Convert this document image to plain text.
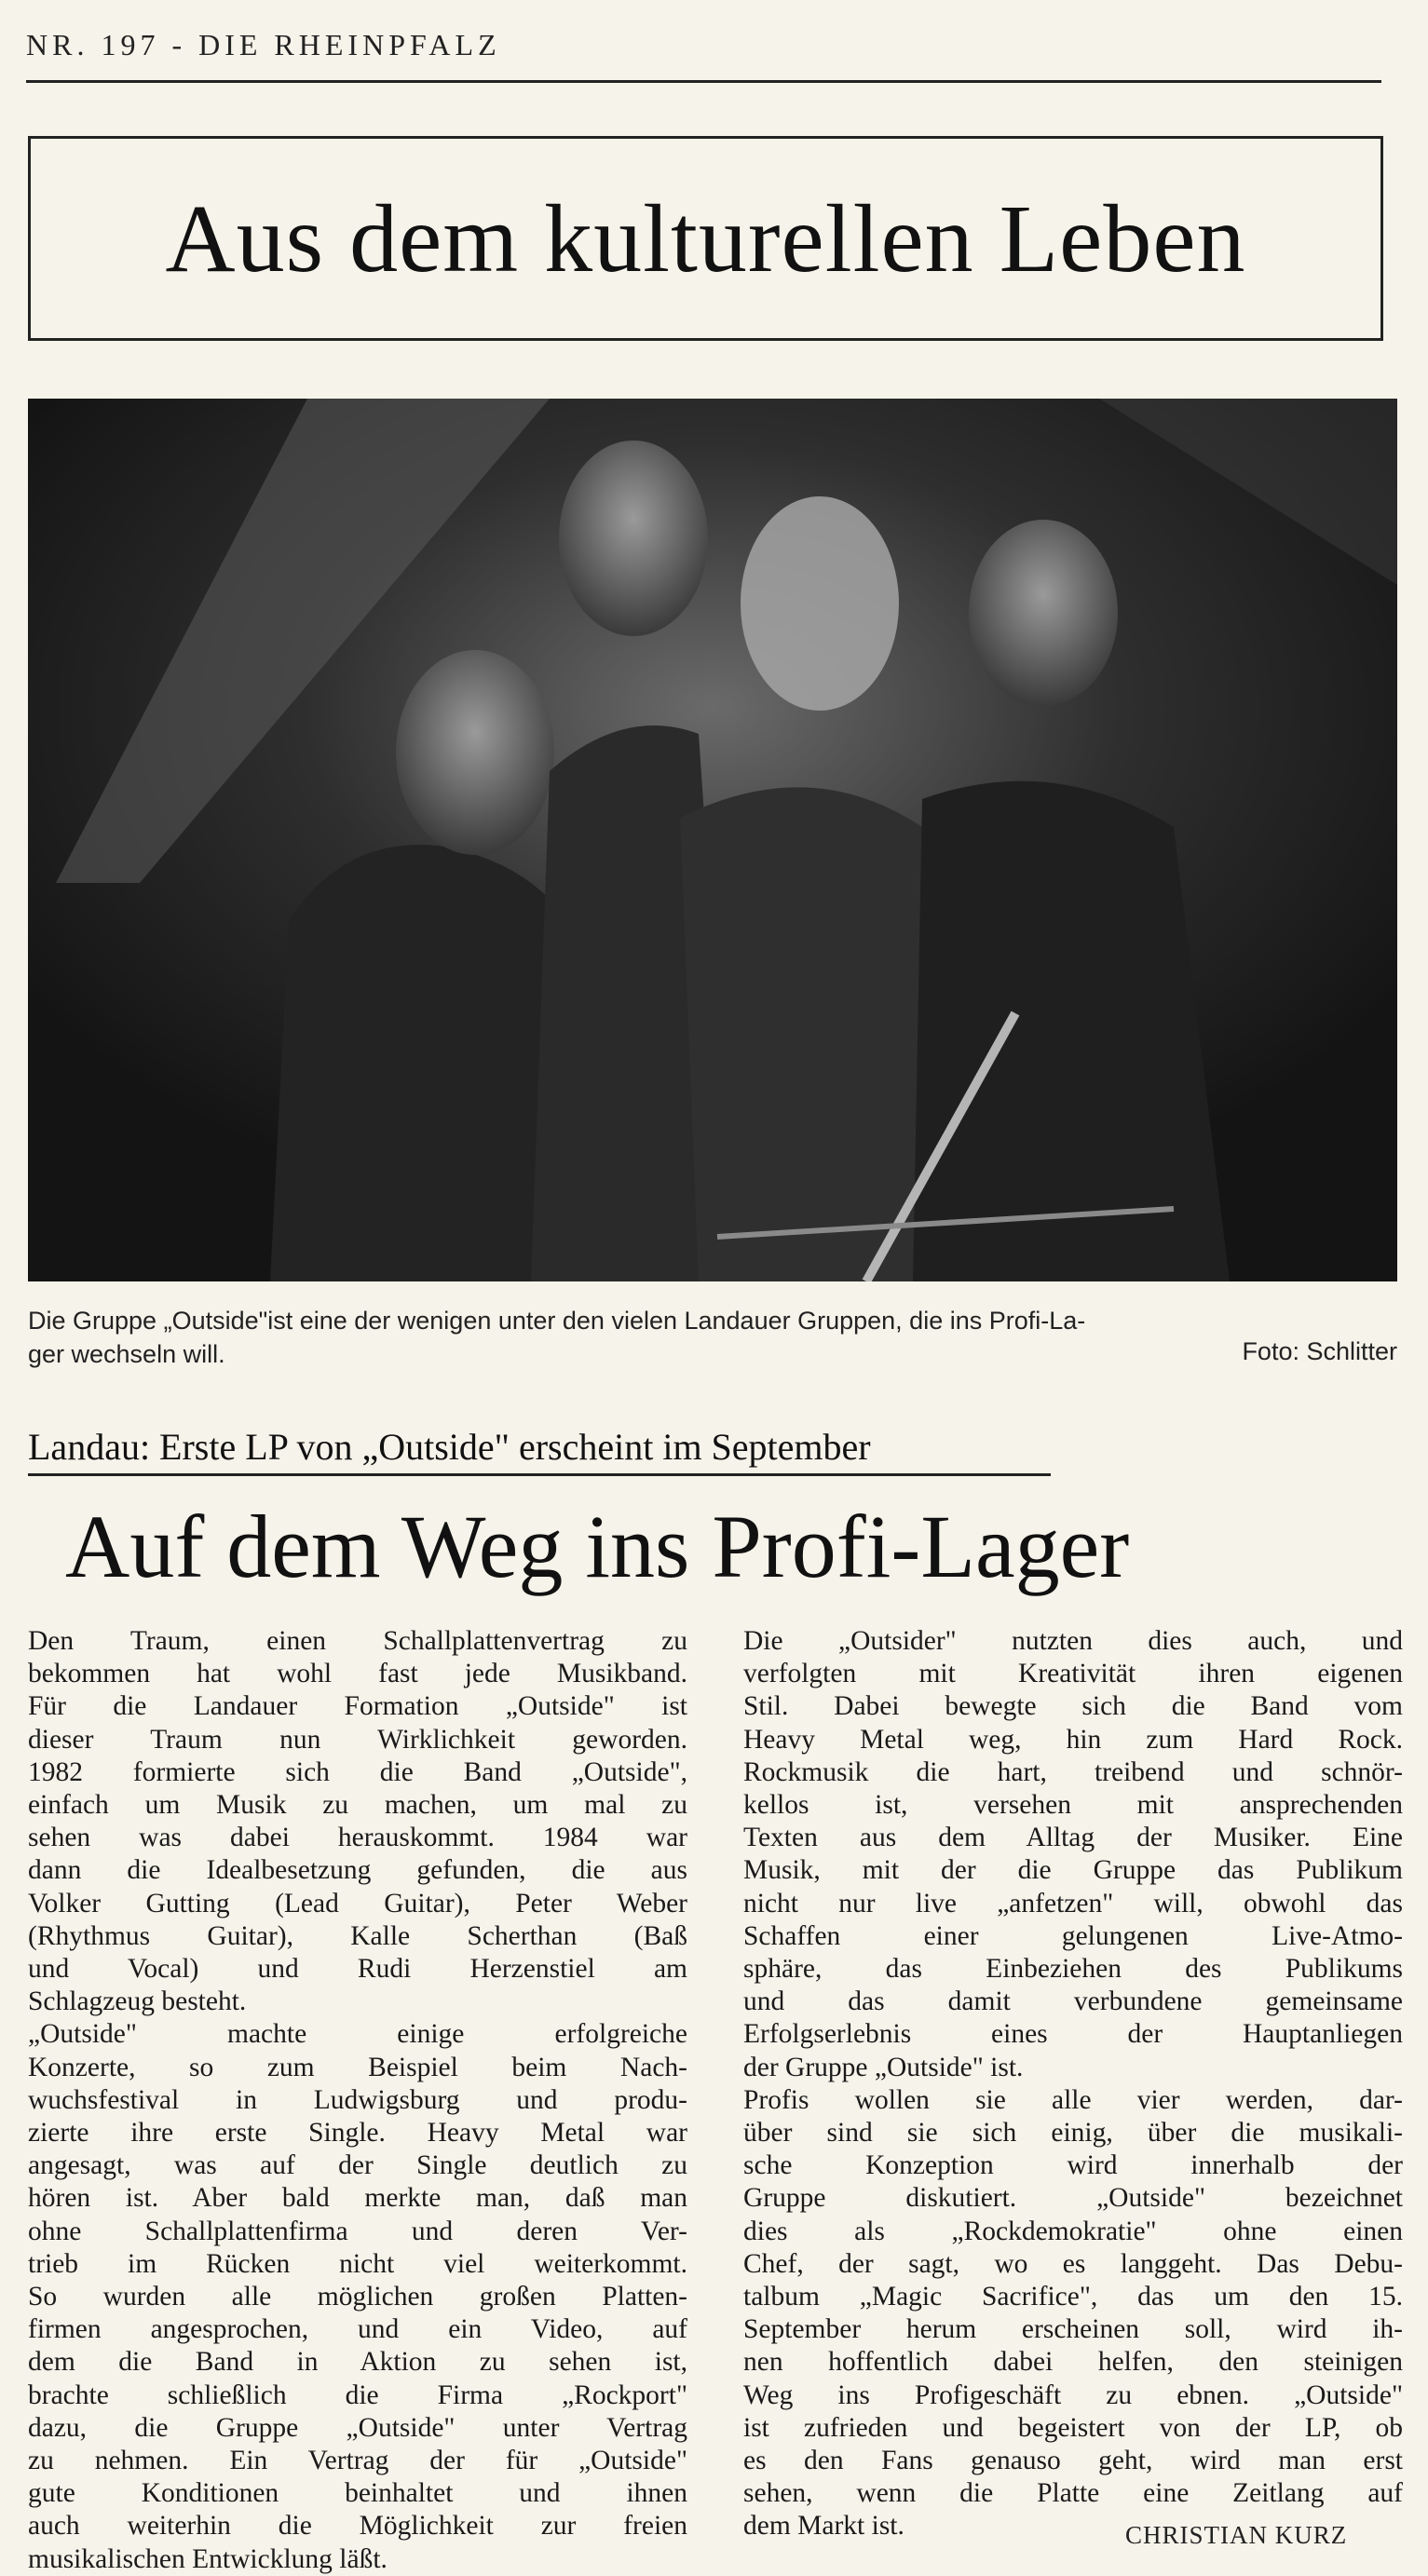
NR. 197 - DIE RHEINPFALZ
Aus dem kulturellen Leben
Die Gruppe „Outside"ist eine der wenigen unter den vielen Landauer Gruppen, die ins Profi-La-
ger wechseln will.	Foto: Schlitter
Landau: Erste LP von „Outside" erscheint im September
Auf dem Weg ins Profi-Lager
Den Traum, einen Schallplattenvertrag zu
bekommen hat wohl fast jede Musikband.
Für die Landauer Formation „Outside" ist
dieser Traum nun Wirklichkeit geworden.
1982 formierte sich die Band „Outside",
einfach um Musik zu machen, um mal zu
sehen was dabei herauskommt. 1984 war
dann die Idealbesetzung gefunden, die aus
Volker Gutting (Lead Guitar), Peter Weber
(Rhythmus Guitar), Kalle Scherthan (Baß
und Vocal) und Rudi Herzenstiel am
Schlagzeug besteht.
„Outside" machte einige erfolgreiche
Konzerte, so zum Beispiel beim Nach-
wuchsfestival in Ludwigsburg und produ-
zierte ihre erste Single. Heavy Metal war
angesagt, was auf der Single deutlich zu
hören ist. Aber bald merkte man, daß man
ohne Schallplattenfirma und deren Ver-
trieb im Rücken nicht viel weiterkommt.
So wurden alle möglichen großen Platten-
firmen angesprochen, und ein Video, auf
dem die Band in Aktion zu sehen ist,
brachte schließlich die Firma „Rockport"
dazu, die Gruppe „Outside" unter Vertrag
zu nehmen. Ein Vertrag der für „Outside"
gute Konditionen beinhaltet und ihnen
auch weiterhin die Möglichkeit zur freien
musikalischen Entwicklung läßt.
Die „Outsider" nutzten dies auch, und
verfolgten mit Kreativität ihren eigenen
Stil. Dabei bewegte sich die Band vom
Heavy Metal weg, hin zum Hard Rock.
Rockmusik die hart, treibend und schnör-
kellos ist, versehen mit ansprechenden
Texten aus dem Alltag der Musiker. Eine
Musik, mit der die Gruppe das Publikum
nicht nur live „anfetzen" will, obwohl das
Schaffen einer gelungenen Live-Atmo-
sphäre, das Einbeziehen des Publikums
und das damit verbundene gemeinsame
Erfolgserlebnis eines der Hauptanliegen
der Gruppe „Outside" ist.
Profis wollen sie alle vier werden, dar-
über sind sie sich einig, über die musikali-
sche Konzeption wird innerhalb der
Gruppe diskutiert. „Outside" bezeichnet
dies als „Rockdemokratie" ohne einen
Chef, der sagt, wo es langgeht. Das Debu-
talbum „Magic Sacrifice", das um den 15.
September herum erscheinen soll, wird ih-
nen hoffentlich dabei helfen, den steinigen
Weg ins Profigeschäft zu ebnen. „Outside"
ist zufrieden und begeistert von der LP, ob
es den Fans genauso geht, wird man erst
sehen, wenn die Platte eine Zeitlang auf
dem Markt ist.	CHRISTIAN KURZ
